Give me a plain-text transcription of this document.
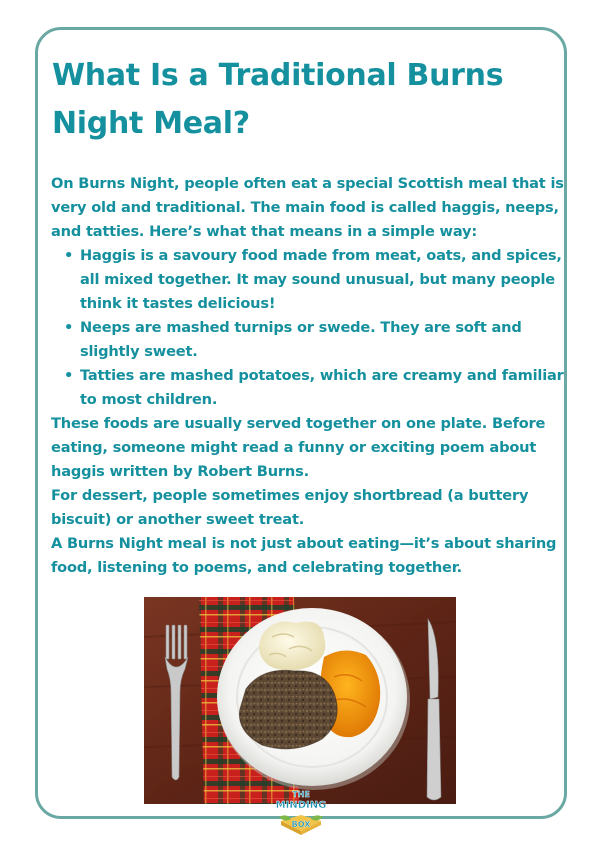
What Is a Traditional Burns Night Meal?

On Burns Night, people often eat a special Scottish meal that is very old and traditional. The main food is called haggis, neeps, and tatties. Here’s what that means in a simple way:

• Haggis is a savoury food made from meat, oats, and spices, all mixed together. It may sound unusual, but many people think it tastes delicious!
• Neeps are mashed turnips or swede. They are soft and slightly sweet.
• Tatties are mashed potatoes, which are creamy and familiar to most children.

These foods are usually served together on one plate. Before eating, someone might read a funny or exciting poem about haggis written by Robert Burns.

For dessert, people sometimes enjoy shortbread (a buttery biscuit) or another sweet treat.

A Burns Night meal is not just about eating—it’s about sharing food, listening to poems, and celebrating together.

THE
MINDING
BOX
